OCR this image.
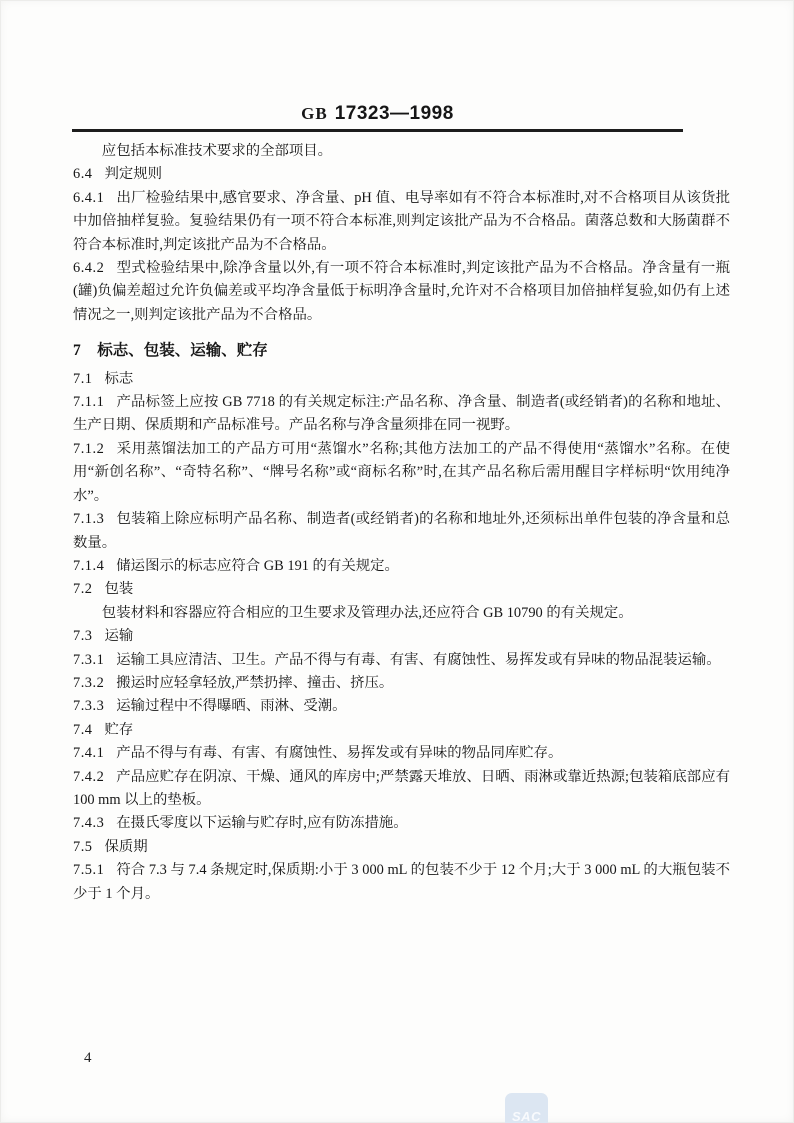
GB 17323—1998

应包括本标准技术要求的全部项目。

6.4 判定规则

6.4.1 出厂检验结果中,感官要求、净含量、pH 值、电导率如有不符合本标准时,对不合格项目从该货批中加倍抽样复验。复验结果仍有一项不符合本标准,则判定该批产品为不合格品。菌落总数和大肠菌群不符合本标准时,判定该批产品为不合格品。

6.4.2 型式检验结果中,除净含量以外,有一项不符合本标准时,判定该批产品为不合格品。净含量有一瓶(罐)负偏差超过允许负偏差或平均净含量低于标明净含量时,允许对不合格项目加倍抽样复验,如仍有上述情况之一,则判定该批产品为不合格品。

7 标志、包装、运输、贮存

7.1 标志

7.1.1 产品标签上应按 GB 7718 的有关规定标注:产品名称、净含量、制造者(或经销者)的名称和地址、生产日期、保质期和产品标准号。产品名称与净含量须排在同一视野。

7.1.2 采用蒸馏法加工的产品方可用“蒸馏水”名称;其他方法加工的产品不得使用“蒸馏水”名称。在使用“新创名称”、“奇特名称”、“牌号名称”或“商标名称”时,在其产品名称后需用醒目字样标明“饮用纯净水”。

7.1.3 包装箱上除应标明产品名称、制造者(或经销者)的名称和地址外,还须标出单件包装的净含量和总数量。

7.1.4 储运图示的标志应符合 GB 191 的有关规定。

7.2 包装

包装材料和容器应符合相应的卫生要求及管理办法,还应符合 GB 10790 的有关规定。

7.3 运输

7.3.1 运输工具应清洁、卫生。产品不得与有毒、有害、有腐蚀性、易挥发或有异味的物品混装运输。

7.3.2 搬运时应轻拿轻放,严禁扔摔、撞击、挤压。

7.3.3 运输过程中不得曝晒、雨淋、受潮。

7.4 贮存

7.4.1 产品不得与有毒、有害、有腐蚀性、易挥发或有异味的物品同库贮存。

7.4.2 产品应贮存在阴凉、干燥、通风的库房中;严禁露天堆放、日晒、雨淋或靠近热源;包装箱底部应有 100 mm 以上的垫板。

7.4.3 在摄氏零度以下运输与贮存时,应有防冻措施。

7.5 保质期

7.5.1 符合 7.3 与 7.4 条规定时,保质期:小于 3 000 mL 的包装不少于 12 个月;大于 3 000 mL 的大瓶包装不少于 1 个月。

4
SAC
